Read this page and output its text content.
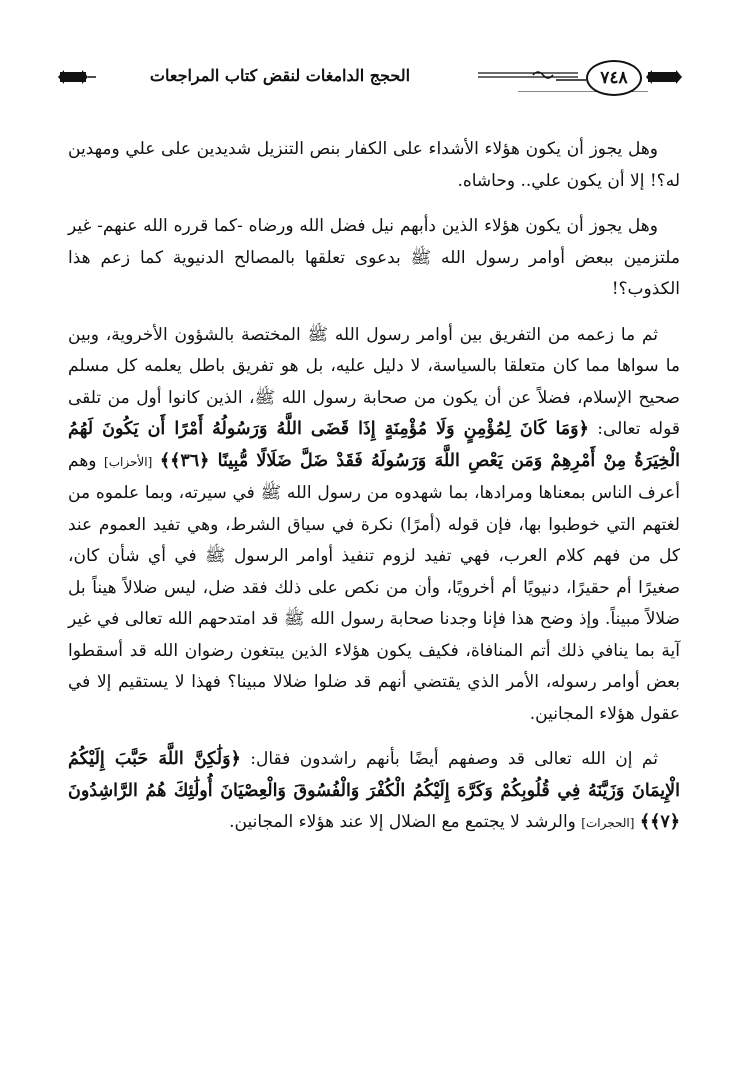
٧٤٨
الحجج الدامغات لنقض كتاب المراجعات

وهل يجوز أن يكون هؤلاء الأشداء على الكفار بنص التنزيل شديدين على علي ومهدين له؟! إلا أن يكون علي.. وحاشاه.

وهل يجوز أن يكون هؤلاء الذين دأبهم نيل فضل الله ورضاه -كما قرره الله عنهم- غير ملتزمين ببعض أوامر رسول الله ﷺ بدعوى تعلقها بالمصالح الدنيوية كما زعم هذا الكذوب؟!

ثم ما زعمه من التفريق بين أوامر رسول الله ﷺ المختصة بالشؤون الأخروية، وبين ما سواها مما كان متعلقا بالسياسة، لا دليل عليه، بل هو تفريق باطل يعلمه كل مسلم صحيح الإسلام، فضلاً عن أن يكون من صحابة رسول الله ﷺ، الذين كانوا أول من تلقى قوله تعالى: ﴿وَمَا كَانَ لِمُؤْمِنٍ وَلَا مُؤْمِنَةٍ إِذَا قَضَى اللَّهُ وَرَسُولُهُ أَمْرًا أَن يَكُونَ لَهُمُ الْخِيَرَةُ مِنْ أَمْرِهِمْ وَمَن يَعْصِ اللَّهَ وَرَسُولَهُ فَقَدْ ضَلَّ ضَلَالًا مُّبِينًا ﴿٣٦﴾﴾ [الأحزاب] وهم أعرف الناس بمعناها ومرادها، بما شهدوه من رسول الله ﷺ في سيرته، وبما علموه من لغتهم التي خوطبوا بها، فإن قوله (أمرًا) نكرة في سياق الشرط، وهي تفيد العموم عند كل من فهم كلام العرب، فهي تفيد لزوم تنفيذ أوامر الرسول ﷺ في أي شأن كان، صغيرًا أم حقيرًا، دنيويًا أم أخرويًا، وأن من نكص على ذلك فقد ضل، ليس ضلالاً هيناً بل ضلالاً مبيناً. وإذ وضح هذا فإنا وجدنا صحابة رسول الله ﷺ قد امتدحهم الله تعالى في غير آية بما ينافي ذلك أتم المنافاة، فكيف يكون هؤلاء الذين يبتغون رضوان الله قد أسقطوا بعض أوامر رسوله، الأمر الذي يقتضي أنهم قد ضلوا ضلالا مبينا؟ فهذا لا يستقيم إلا في عقول هؤلاء المجانين.

ثم إن الله تعالى قد وصفهم أيضًا بأنهم راشدون فقال: ﴿وَلَٰكِنَّ اللَّهَ حَبَّبَ إِلَيْكُمُ الْإِيمَانَ وَزَيَّنَهُ فِي قُلُوبِكُمْ وَكَرَّهَ إِلَيْكُمُ الْكُفْرَ وَالْفُسُوقَ وَالْعِصْيَانَ أُولَٰئِكَ هُمُ الرَّاشِدُونَ ﴿٧﴾﴾ [الحجرات] والرشد لا يجتمع مع الضلال إلا عند هؤلاء المجانين.
